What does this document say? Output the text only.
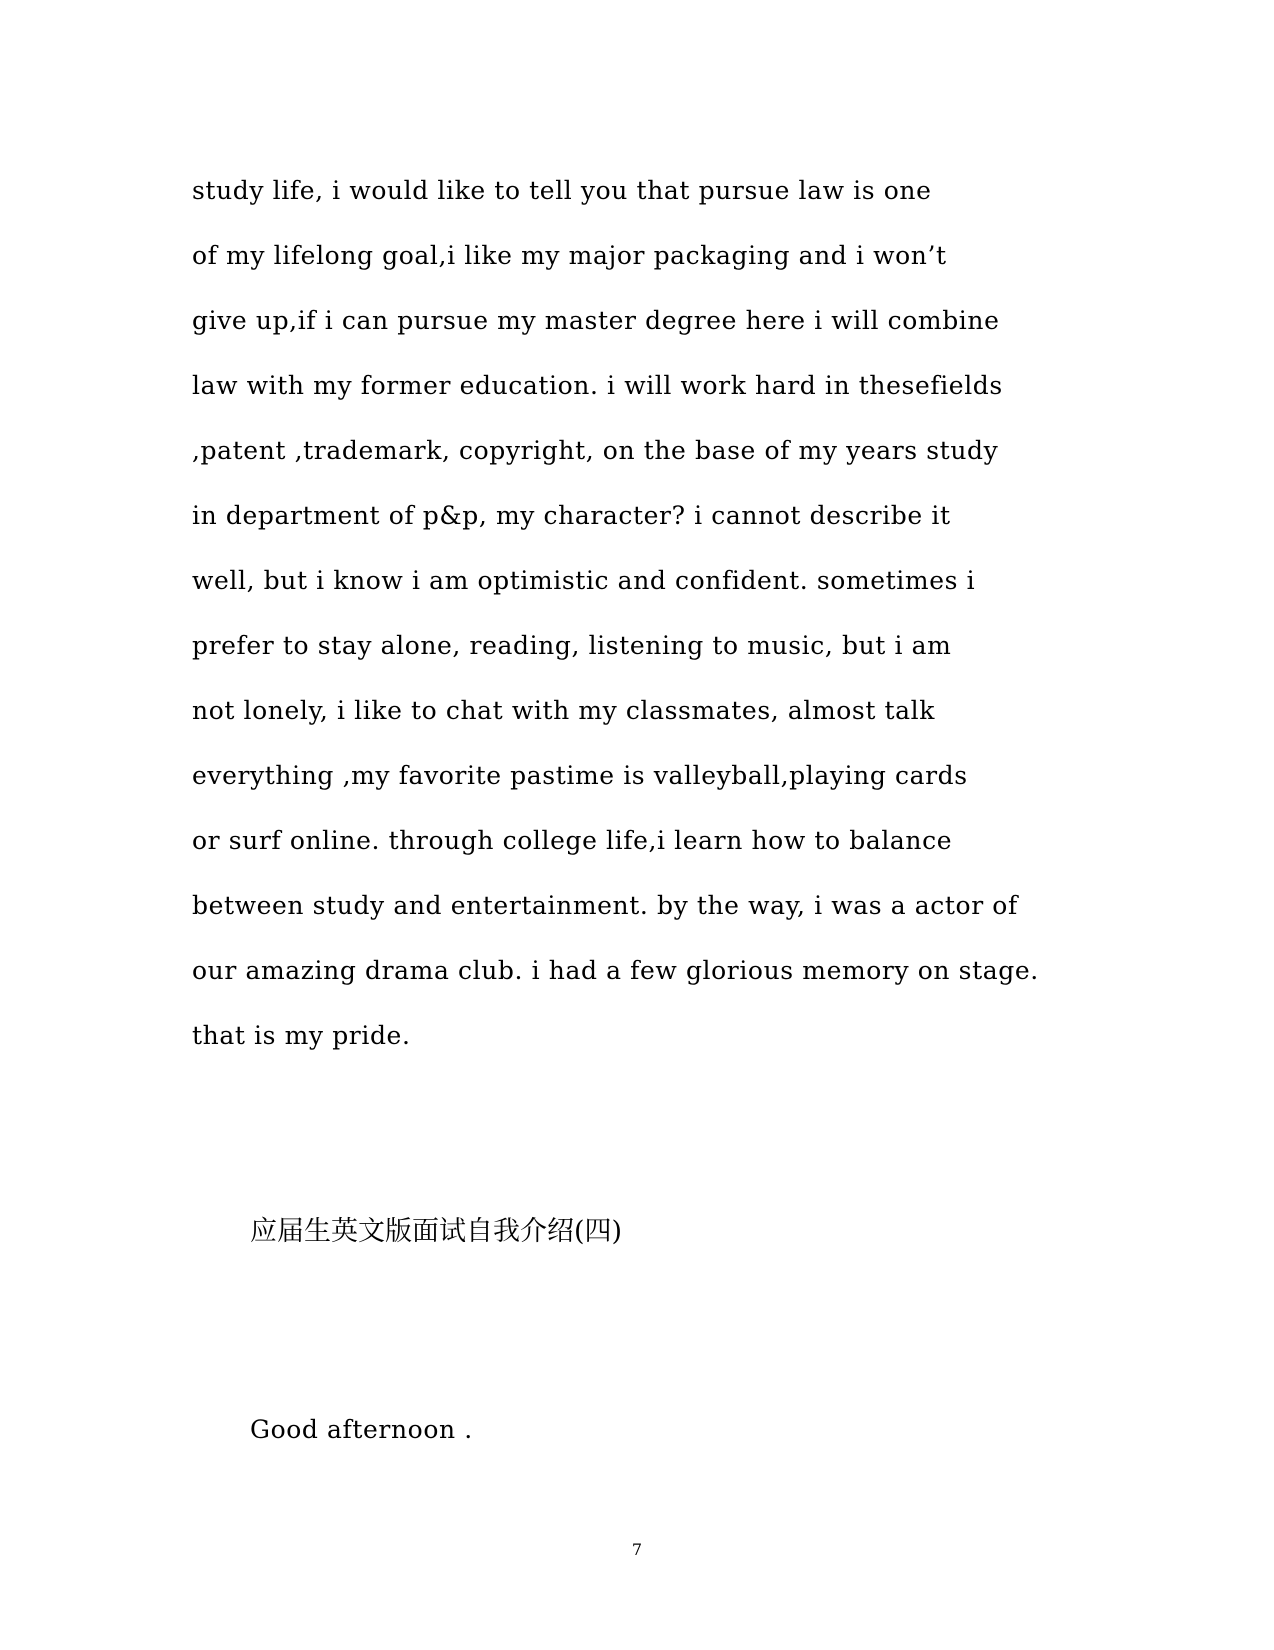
study life, i would like to tell you that pursue law is one
of my lifelong goal,i like my major packaging and i won’t
give up,if i can pursue my master degree here i will combine
law with my former education. i will work hard in thesefields
,patent ,trademark, copyright, on the base of my years study
in department of p&p, my character? i cannot describe it
well, but i know i am optimistic and confident. sometimes i
prefer to stay alone, reading, listening to music, but i am
not lonely, i like to chat with my classmates, almost talk
everything ,my favorite pastime is valleyball,playing cards
or surf online. through college life,i learn how to balance
between study and entertainment. by the way, i was a actor of
our amazing drama club. i had a few glorious memory on stage.
that is my pride.
应届生英文版面试自我介绍(四)
Good afternoon .
7
